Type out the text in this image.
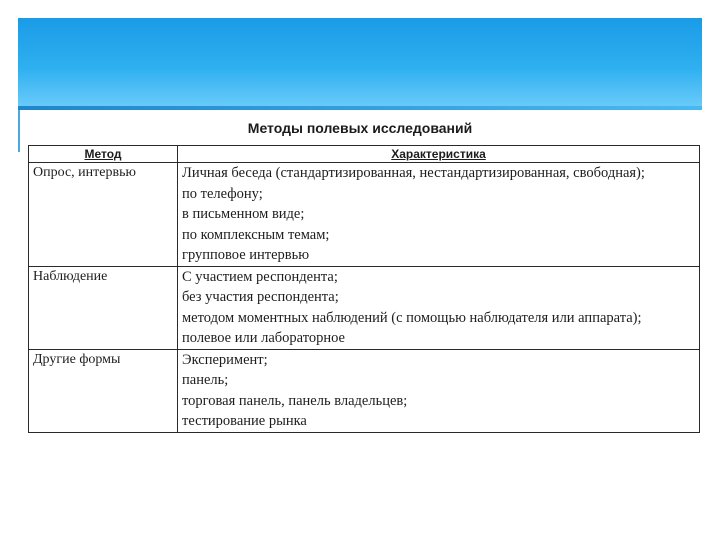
Методы полевых исследований
Метод	Характеристика
Опрос, интервью	Личная беседа (стандартизированная, нестандартизированная, свободная);
по телефону;
в письменном виде;
по комплексным темам;
групповое интервью

Наблюдение	С участием респондента;
без участия респондента;
методом моментных наблюдений (с помощью наблюдателя или аппарата);
полевое или лабораторное

Другие формы	Эксперимент;
панель;
торговая панель, панель владельцев;
тестирование рынка
